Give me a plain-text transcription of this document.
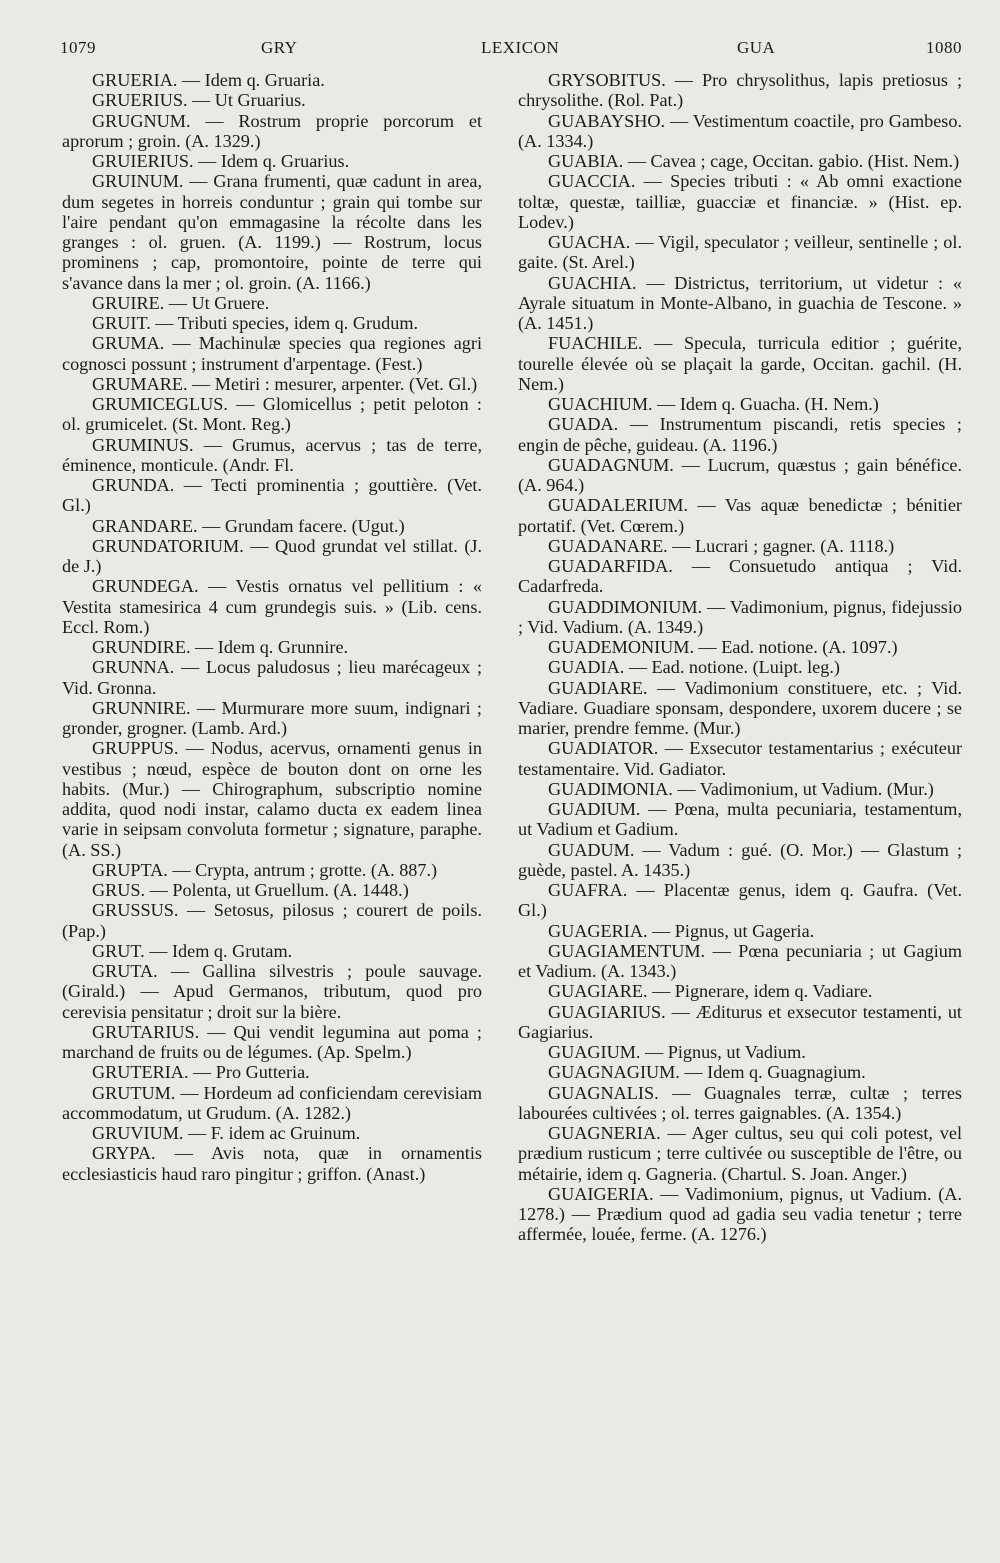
1079	GRY	LEXICON	GUA	1080

GRUERIA. — Idem q. Gruaria.

GRUERIUS. — Ut Gruarius.

GRUGNUM. — Rostrum proprie porcorum et aprorum ; groin. (A. 1329.)

GRUIERIUS. — Idem q. Gruarius.

GRUINUM. — Grana frumenti, quæ cadunt in area, dum segetes in horreis conduntur ; grain qui tombe sur l'aire pendant qu'on emmagasine la récolte dans les granges : ol. gruen. (A. 1199.) — Rostrum, locus prominens ; cap, promontoire, pointe de terre qui s'avance dans la mer ; ol. groin. (A. 1166.)

GRUIRE. — Ut Gruere.

GRUIT. — Tributi species, idem q. Grudum.

GRUMA. — Machinulæ species qua regiones agri cognosci possunt ; instrument d'arpentage. (Fest.)

GRUMARE. — Metiri : mesurer, arpenter. (Vet. Gl.)

GRUMICEGLUS. — Glomicellus ; petit peloton : ol. grumicelet. (St. Mont. Reg.)

GRUMINUS. — Grumus, acervus ; tas de terre, éminence, monticule. (Andr. Fl.

GRUNDA. — Tecti prominentia ; gouttière. (Vet. Gl.)

GRANDARE. — Grundam facere. (Ugut.)

GRUNDATORIUM. — Quod grundat vel stillat. (J. de J.)

GRUNDEGA. — Vestis ornatus vel pellitium : « Vestita stamesirica 4 cum grundegis suis. » (Lib. cens. Eccl. Rom.)

GRUNDIRE. — Idem q. Grunnire.

GRUNNA. — Locus paludosus ; lieu marécageux ; Vid. Gronna.

GRUNNIRE. — Murmurare more suum, indignari ; gronder, grogner. (Lamb. Ard.)

GRUPPUS. — Nodus, acervus, ornamenti genus in vestibus ; nœud, espèce de bouton dont on orne les habits. (Mur.) — Chirographum, subscriptio nomine addita, quod nodi instar, calamo ducta ex eadem linea varie in seipsam convoluta formetur ; signature, paraphe. (A. SS.)

GRUPTA. — Crypta, antrum ; grotte. (A. 887.)

GRUS. — Polenta, ut Gruellum. (A. 1448.)

GRUSSUS. — Setosus, pilosus ; courert de poils. (Pap.)

GRUT. — Idem q. Grutam.

GRUTA. — Gallina silvestris ; poule sauvage. (Girald.) — Apud Germanos, tributum, quod pro cerevisia pensitatur ; droit sur la bière.

GRUTARIUS. — Qui vendit legumina aut poma ; marchand de fruits ou de légumes. (Ap. Spelm.)

GRUTERIA. — Pro Gutteria.

GRUTUM. — Hordeum ad conficiendam cerevisiam accommodatum, ut Grudum. (A. 1282.)

GRUVIUM. — F. idem ac Gruinum.

GRYPA. — Avis nota, quæ in ornamentis ecclesiasticis haud raro pingitur ; griffon. (Anast.)

GRYSOBITUS. — Pro chrysolithus, lapis pretiosus ; chrysolithe. (Rol. Pat.)

GUABAYSHO. — Vestimentum coactile, pro Gambeso. (A. 1334.)

GUABIA. — Cavea ; cage, Occitan. gabio. (Hist. Nem.)

GUACCIA. — Species tributi : « Ab omni exactione toltæ, questæ, tailliæ, guacciæ et financiæ. » (Hist. ep. Lodev.)

GUACHA. — Vigil, speculator ; veilleur, sentinelle ; ol. gaite. (St. Arel.)

GUACHIA. — Districtus, territorium, ut videtur : « Ayrale situatum in Monte-Albano, in guachia de Tescone. » (A. 1451.)

FUACHILE. — Specula, turricula editior ; guérite, tourelle élevée où se plaçait la garde, Occitan. gachil. (H. Nem.)

GUACHIUM. — Idem q. Guacha. (H. Nem.)

GUADA. — Instrumentum piscandi, retis species ; engin de pêche, guideau. (A. 1196.)

GUADAGNUM. — Lucrum, quæstus ; gain bénéfice. (A. 964.)

GUADALERIUM. — Vas aquæ benedictæ ; bénitier portatif. (Vet. Cœrem.)

GUADANARE. — Lucrari ; gagner. (A. 1118.)

GUADARFIDA. — Consuetudo antiqua ; Vid. Cadarfreda.

GUADDIMONIUM. — Vadimonium, pignus, fidejussio ; Vid. Vadium. (A. 1349.)

GUADEMONIUM. — Ead. notione. (A. 1097.)

GUADIA. — Ead. notione. (Luipt. leg.)

GUADIARE. — Vadimonium constituere, etc. ; Vid. Vadiare. Guadiare sponsam, despondere, uxorem ducere ; se marier, prendre femme. (Mur.)

GUADIATOR. — Exsecutor testamentarius ; exécuteur testamentaire. Vid. Gadiator.

GUADIMONIA. — Vadimonium, ut Vadium. (Mur.)

GUADIUM. — Pœna, multa pecuniaria, testamentum, ut Vadium et Gadium.

GUADUM. — Vadum : gué. (O. Mor.) — Glastum ; guède, pastel. A. 1435.)

GUAFRA. — Placentæ genus, idem q. Gaufra. (Vet. Gl.)

GUAGERIA. — Pignus, ut Gageria.

GUAGIAMENTUM. — Pœna pecuniaria ; ut Gagium et Vadium. (A. 1343.)

GUAGIARE. — Pignerare, idem q. Vadiare.

GUAGIARIUS. — Æditurus et exsecutor testamenti, ut Gagiarius.

GUAGIUM. — Pignus, ut Vadium.

GUAGNAGIUM. — Idem q. Guagnagium.

GUAGNALIS. — Guagnales terræ, cultæ ; terres labourées cultivées ; ol. terres gaignables. (A. 1354.)

GUAGNERIA. — Ager cultus, seu qui coli potest, vel prædium rusticum ; terre cultivée ou susceptible de l'être, ou métairie, idem q. Gagneria. (Chartul. S. Joan. Anger.)

GUAIGERIA. — Vadimonium, pignus, ut Vadium. (A. 1278.) — Prædium quod ad gadia seu vadia tenetur ; terre affermée, louée, ferme. (A. 1276.)
